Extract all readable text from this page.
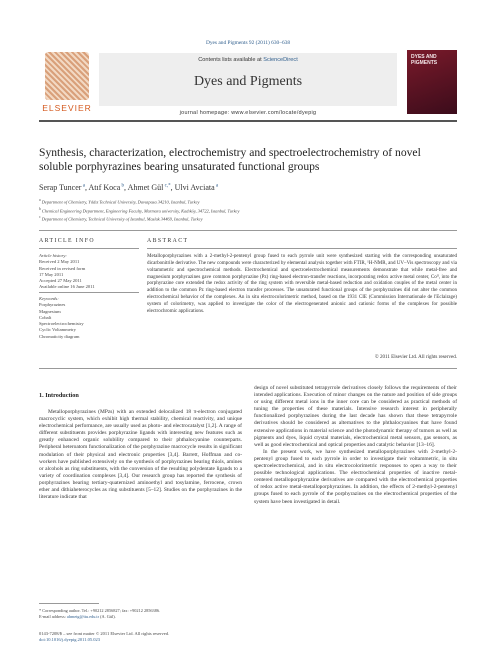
Dyes and Pigments 92 (2011) 630–638
ELSEVIER
Contents lists available at ScienceDirect
Dyes and Pigments
journal homepage: www.elsevier.com/locate/dyepig
DYES AND PIGMENTS
Synthesis, characterization, electrochemistry and spectroelectrochemistry of novel soluble porphyrazines bearing unsaturated functional groups
Serap Tuncer $^a$, Atıf Koca $^b$, Ahmet Gül $^{c,*}$, Ulvi Avciata $^a$
$^a$ Department of Chemistry, Yıldız Technical University, Davutpasa 34210, Istanbul, Turkey
$^b$ Chemical Engineering Department, Engineering Faculty, Marmara university, Kadıköy, 34722, Istanbul, Turkey
$^c$ Department of Chemistry, Technical University of Istanbul, Maslak 34469, Istanbul, Turkey
ARTICLE INFO	ABSTRACT
Article history:
Received 2 May 2011
Received in revised form
17 May 2011
Accepted 27 May 2011
Available online 16 June 2011
Keywords:
Porphyrazines
Magnesium
Cobalt
Spectroelectrochemistry
Cyclic Voltammetry
Chromaticity diagram
Metalloporphyrazines with a 2-methyl-2-pentenyl group fused to each pyrrole unit were synthesized starting with the corresponding unsaturated dicarbonitrile derivative. The new compounds were characterized by elemental analysis together with FTIR, ¹H-NMR, and UV–Vis spectroscopy and via voltammetric and spectrochemical methods. Electrochemical and spectroelectrochemical measurements demonstrate that while metal-free and magnesium porphyrazines gave common porphyrazine (Pz) ring-based electron-transfer reactions, incorporating redox active metal center, Coᴵᴵ, into the porphyrazine core extended the redox activity of the ring system with reversible metal-based reduction and oxidation couples of the metal center in addition to the common Pz ring-based electron transfer processes. The unsaturated functional groups of the porphyrazines did not alter the common electrochemical behavior of the complexes. An in situ electrocolorimetric method, based on the 1931 CIE (Commission Internationale de l'Eclairage) system of colorimetry, was applied to investigate the color of the electrogenerated anionic and cationic forms of the complexes for possible electrochromic applications.
© 2011 Elsevier Ltd. All rights reserved.
1. Introduction
Metalloporphyrazines (MPzs) with an extended delocalized 18 π-electron conjugated macrocyclic system, which exhibit high thermal stability, chemical reactivity, and unique electrochemical performance, are usually used as photo- and electrocatalyst [1,2]. A range of different substituents provides porphyrazine ligands with interesting new features such as greatly enhanced organic solubility compared to their phthalocyanine counterparts. Peripheral heteroatom functionalization of the porphyrazine macrocycle results in significant modulation of their physical and electronic properties [3,4]. Barrett, Hoffman and co-workers have published extensively on the synthesis of porphyrazines bearing thiols, amines or alcohols as ring substituents, with the conversion of the resulting polydentate ligands to a variety of coordination complexes [3,4]. Our research group has reported the synthesis of porphyrazines bearing tertiary-quaternized aminoethyl and tosylamine, ferrocene, crown ether and dithiaheterocycles as ring substituents [5–12]. Studies on the porphyrazines in the literature indicate that
design of novel substituted tetrapyrrole derivatives closely follows the requirements of their intended applications. Execution of minor changes on the nature and position of side groups or using different metal ions in the inner core can be considered as practical methods of tuning the properties of these materials. Intensive research interest in peripherally functionalized porphyrazines during the last decade has shown that these tetrapyrrole derivatives should be considered as alternatives to the phthalocyanines that have found extensive applications in material science and the photodynamic therapy of tumors as well as pigments and dyes, liquid crystal materials, electrochemical metal sensors, gas sensors, as well as good electrochemical and optical properties and catalytic behavior [13–16].
In the present work, we have synthesized metalloporphyrazines with 2-methyl-2-pentenyl group fused to each pyrrole in order to investigate their voltammetric, in situ spectroelectrochemical, and in situ electrocolorimetric responses to open a way to their possible technological applications. The electrochemical properties of inactive metal-centered metalloporphyrazine derivatives are compared with the electrochemical properties of redox active metal-metalloporphyrazines. In addition, the effects of 2-methyl-2-pentenyl groups fused to each pyrrole of the porphyrazines on the electrochemical properties of the system have been investigated in detail.
* Corresponding author. Tel.: +90212 2856827; fax: +90212 2856386.
E-mail address: ahmetg@itu.edu.tr (A. Gül).
0143-7208/$ – see front matter © 2011 Elsevier Ltd. All rights reserved.
doi:10.1016/j.dyepig.2011.05.023
